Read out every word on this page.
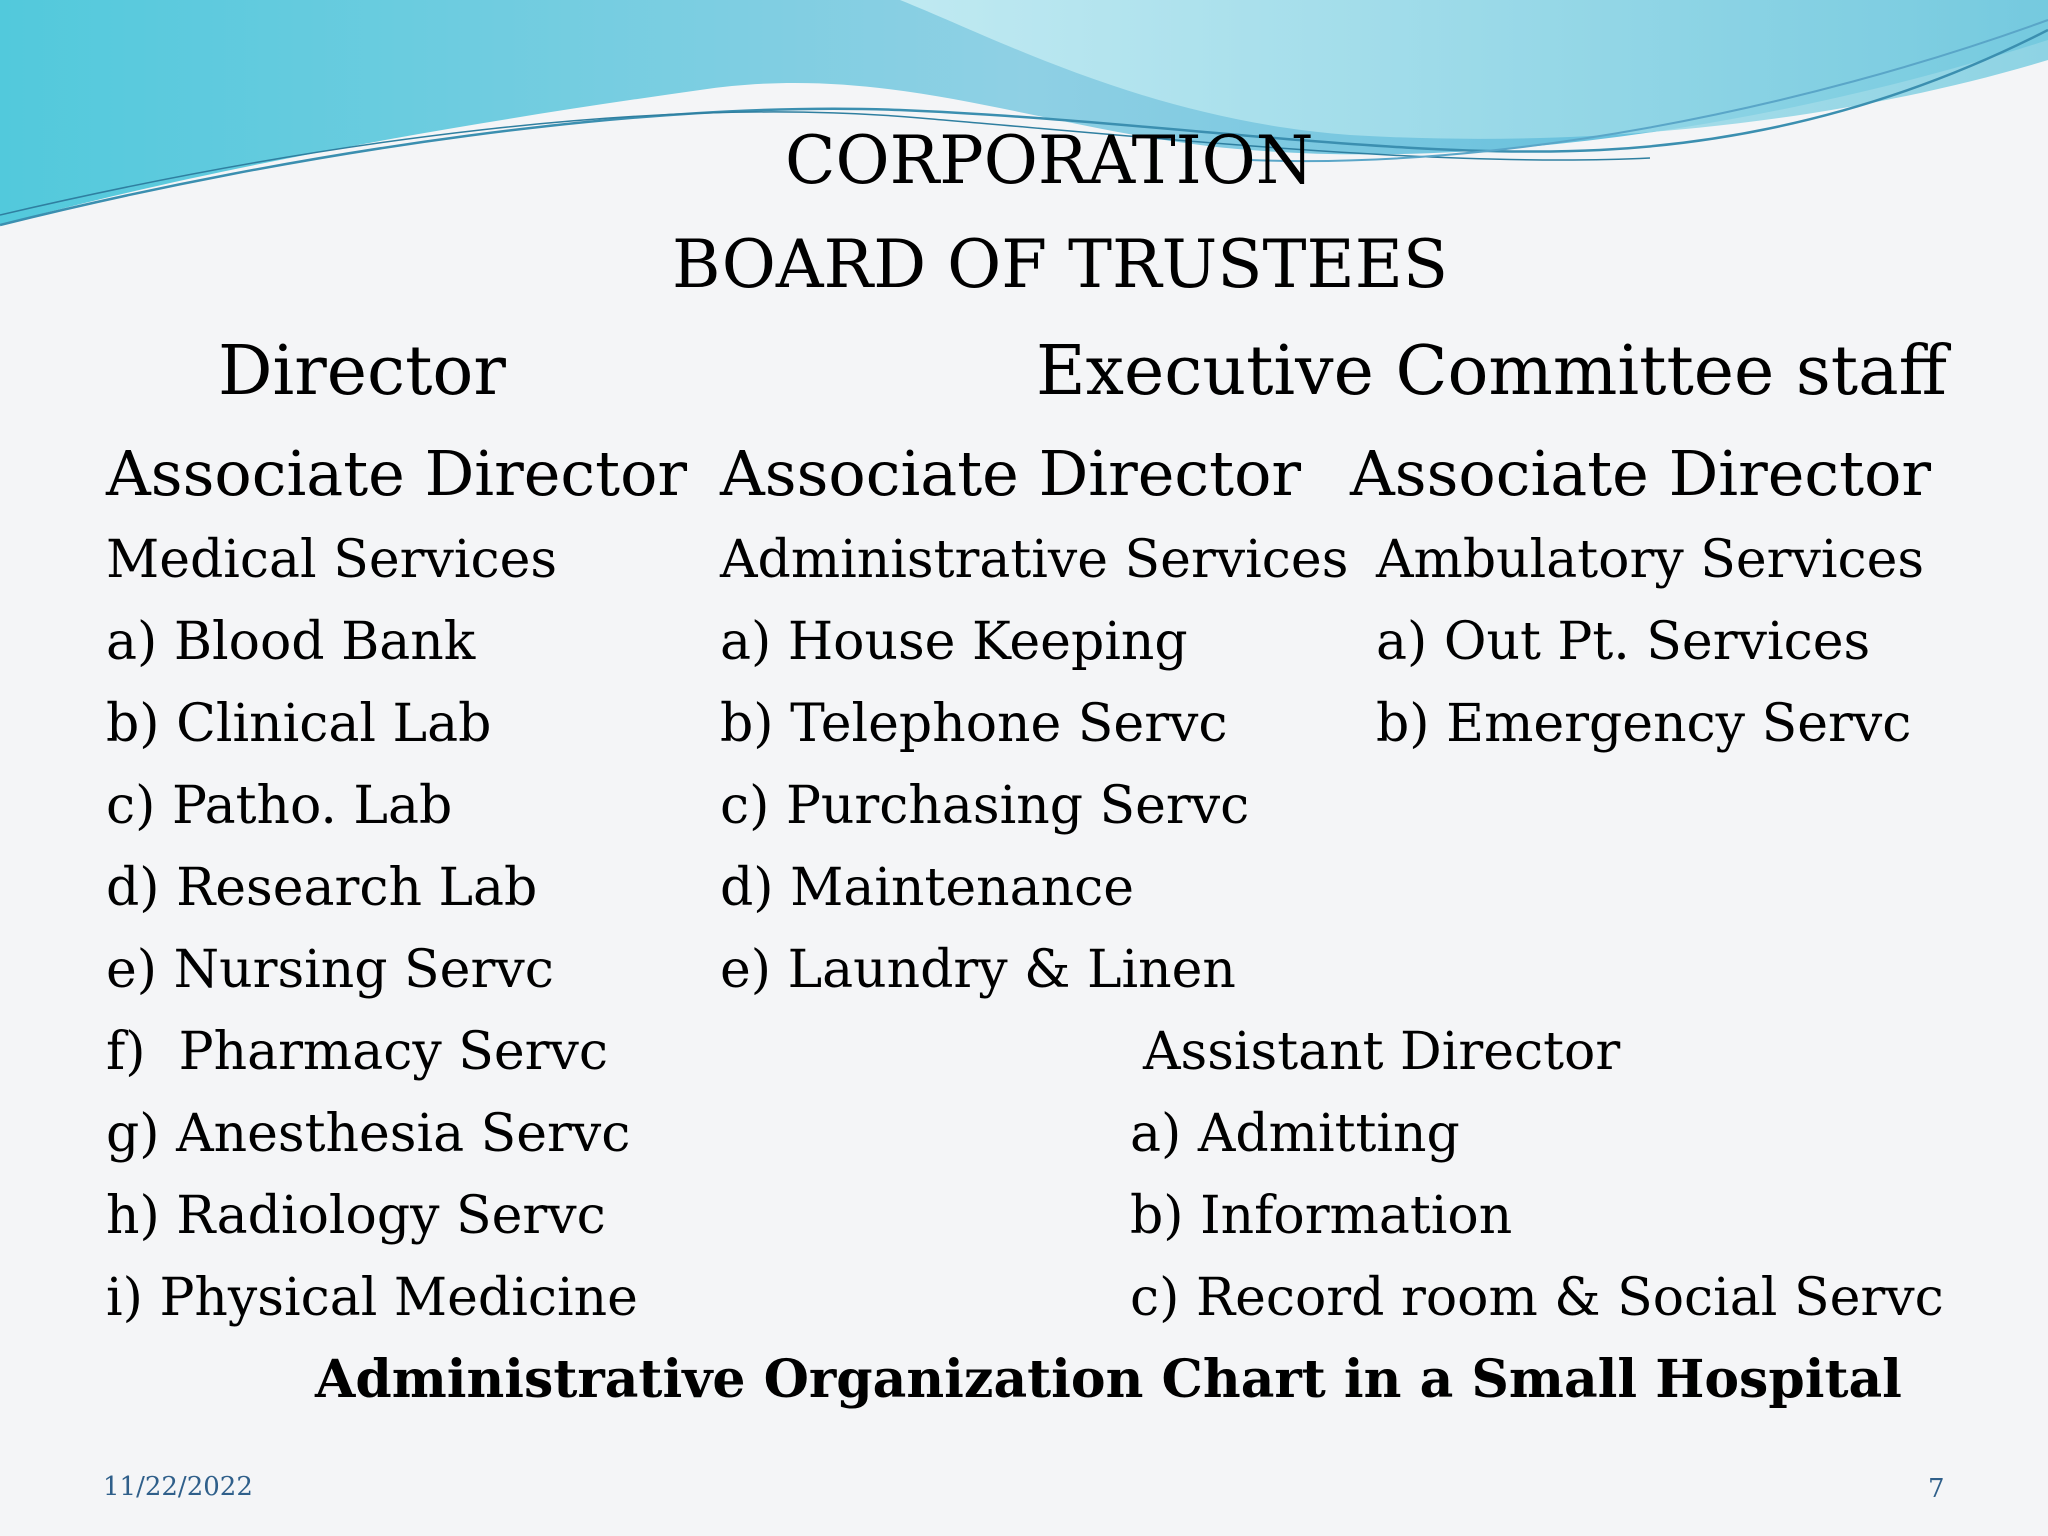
CORPORATION
BOARD OF TRUSTEES
Director	Executive Committee staff
Associate Director
Medical Services
a) Blood Bank
b) Clinical Lab
c) Patho. Lab
d) Research Lab
e) Nursing Servc
f)  Pharmacy Servc
g) Anesthesia Servc
h) Radiology Servc
i) Physical Medicine
Associate Director
Administrative Services
a) House Keeping
b) Telephone Servc
c) Purchasing Servc
d) Maintenance
e) Laundry & Linen
Associate Director
Ambulatory Services
a) Out Pt. Services
b) Emergency Servc
Assistant Director
a) Admitting
b) Information
c) Record room & Social Servc
Administrative Organization Chart in a Small Hospital
11/22/2022	7
